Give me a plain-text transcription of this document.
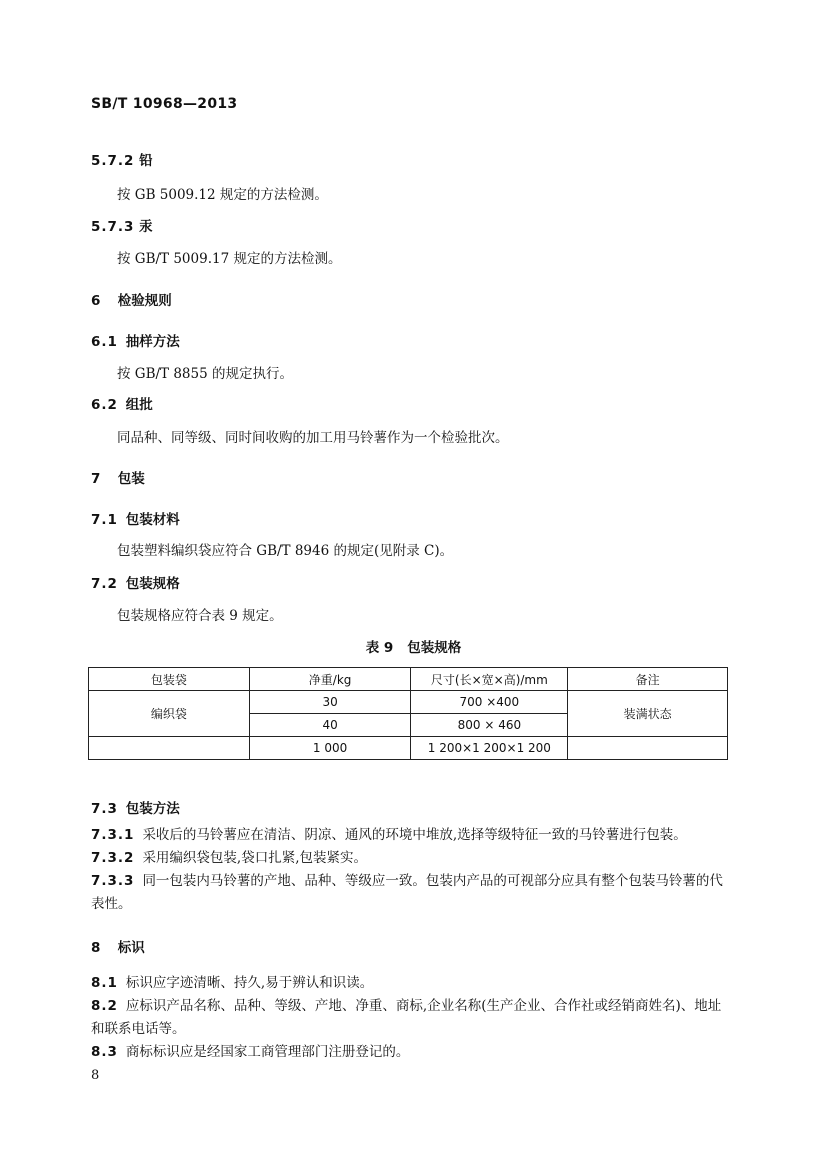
SB/T 10968—2013
5.7.2 铅
按 GB 5009.12 规定的方法检测。
5.7.3 汞
按 GB/T 5009.17 规定的方法检测。
6 检验规则
6.1 抽样方法
按 GB/T 8855 的规定执行。
6.2 组批
同品种、同等级、同时间收购的加工用马铃薯作为一个检验批次。
7 包装
7.1 包装材料
包装塑料编织袋应符合 GB/T 8946 的规定(见附录 C)。
7.2 包装规格
包装规格应符合表 9 规定。
表 9 包装规格
包装袋	净重/kg	尺寸(长×宽×高)/mm	备注
编织袋	30	700 ×400	装满状态
	40	800 × 460	
	1 000	1 200×1 200×1 200	
7.3 包装方法
7.3.1 采收后的马铃薯应在清洁、阴凉、通风的环境中堆放,选择等级特征一致的马铃薯进行包装。
7.3.2 采用编织袋包装,袋口扎紧,包装紧实。
7.3.3 同一包装内马铃薯的产地、品种、等级应一致。包装内产品的可视部分应具有整个包装马铃薯的代表性。
8 标识
8.1 标识应字迹清晰、持久,易于辨认和识读。
8.2 应标识产品名称、品种、等级、产地、净重、商标,企业名称(生产企业、合作社或经销商姓名)、地址和联系电话等。
8.3 商标标识应是经国家工商管理部门注册登记的。
8
